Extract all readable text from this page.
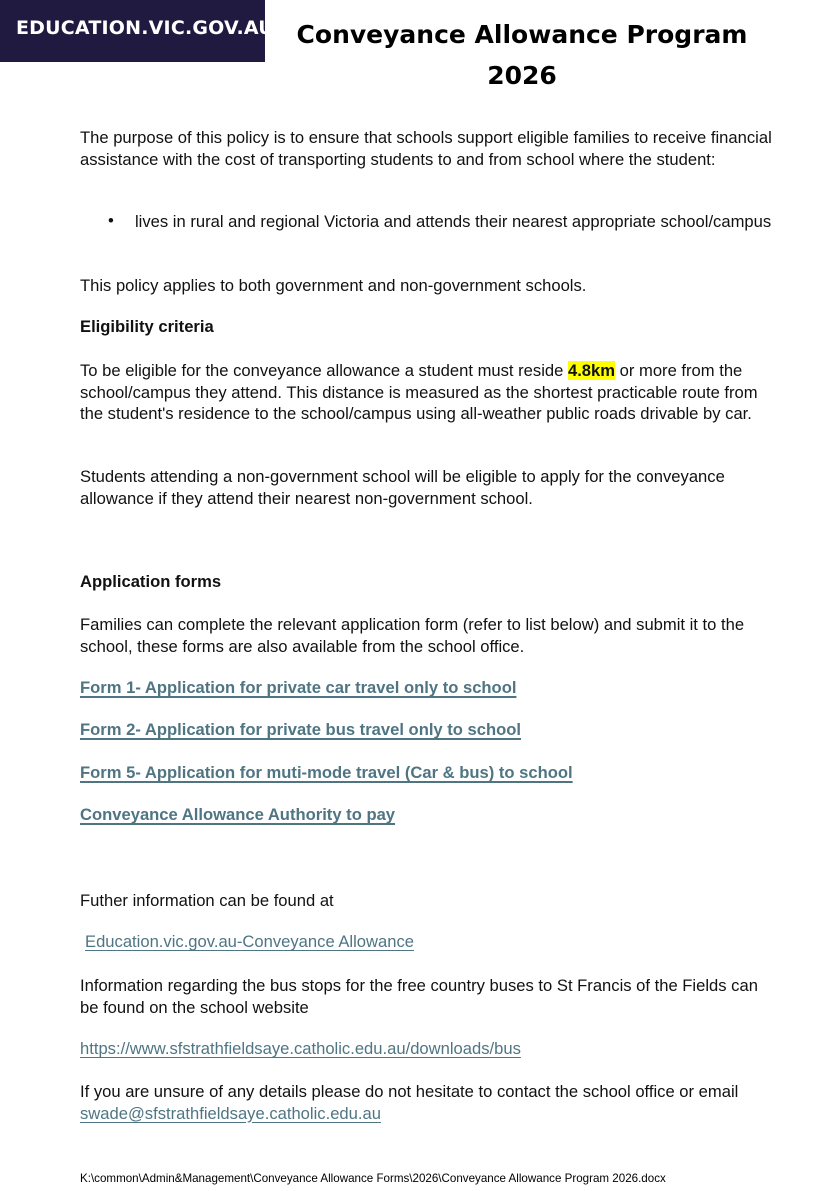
EDUCATION.VIC.GOV.AU Conveyance Allowance Program
2026

The purpose of this policy is to ensure that schools support eligible families to receive financial assistance with the cost of transporting students to and from school where the student:

• lives in rural and regional Victoria and attends their nearest appropriate school/campus

This policy applies to both government and non-government schools.

Eligibility criteria

To be eligible for the conveyance allowance a student must reside 4.8km or more from the school/campus they attend. This distance is measured as the shortest practicable route from the student's residence to the school/campus using all-weather public roads drivable by car.

Students attending a non-government school will be eligible to apply for the conveyance allowance if they attend their nearest non-government school.

Application forms

Families can complete the relevant application form (refer to list below) and submit it to the school, these forms are also available from the school office.

Form 1- Application for private car travel only to school
Form 2- Application for private bus travel only to school
Form 5- Application for muti-mode travel (Car & bus) to school
Conveyance Allowance Authority to pay

Futher information can be found at

Education.vic.gov.au-Conveyance Allowance

Information regarding the bus stops for the free country buses to St Francis of the Fields can be found on the school website

https://www.sfstrathfieldsaye.catholic.edu.au/downloads/bus

If you are unsure of any details please do not hesitate to contact the school office or email swade@sfstrathfieldsaye.catholic.edu.au

K:\common\Admin&Management\Conveyance Allowance Forms\2026\Conveyance Allowance Program 2026.docx
